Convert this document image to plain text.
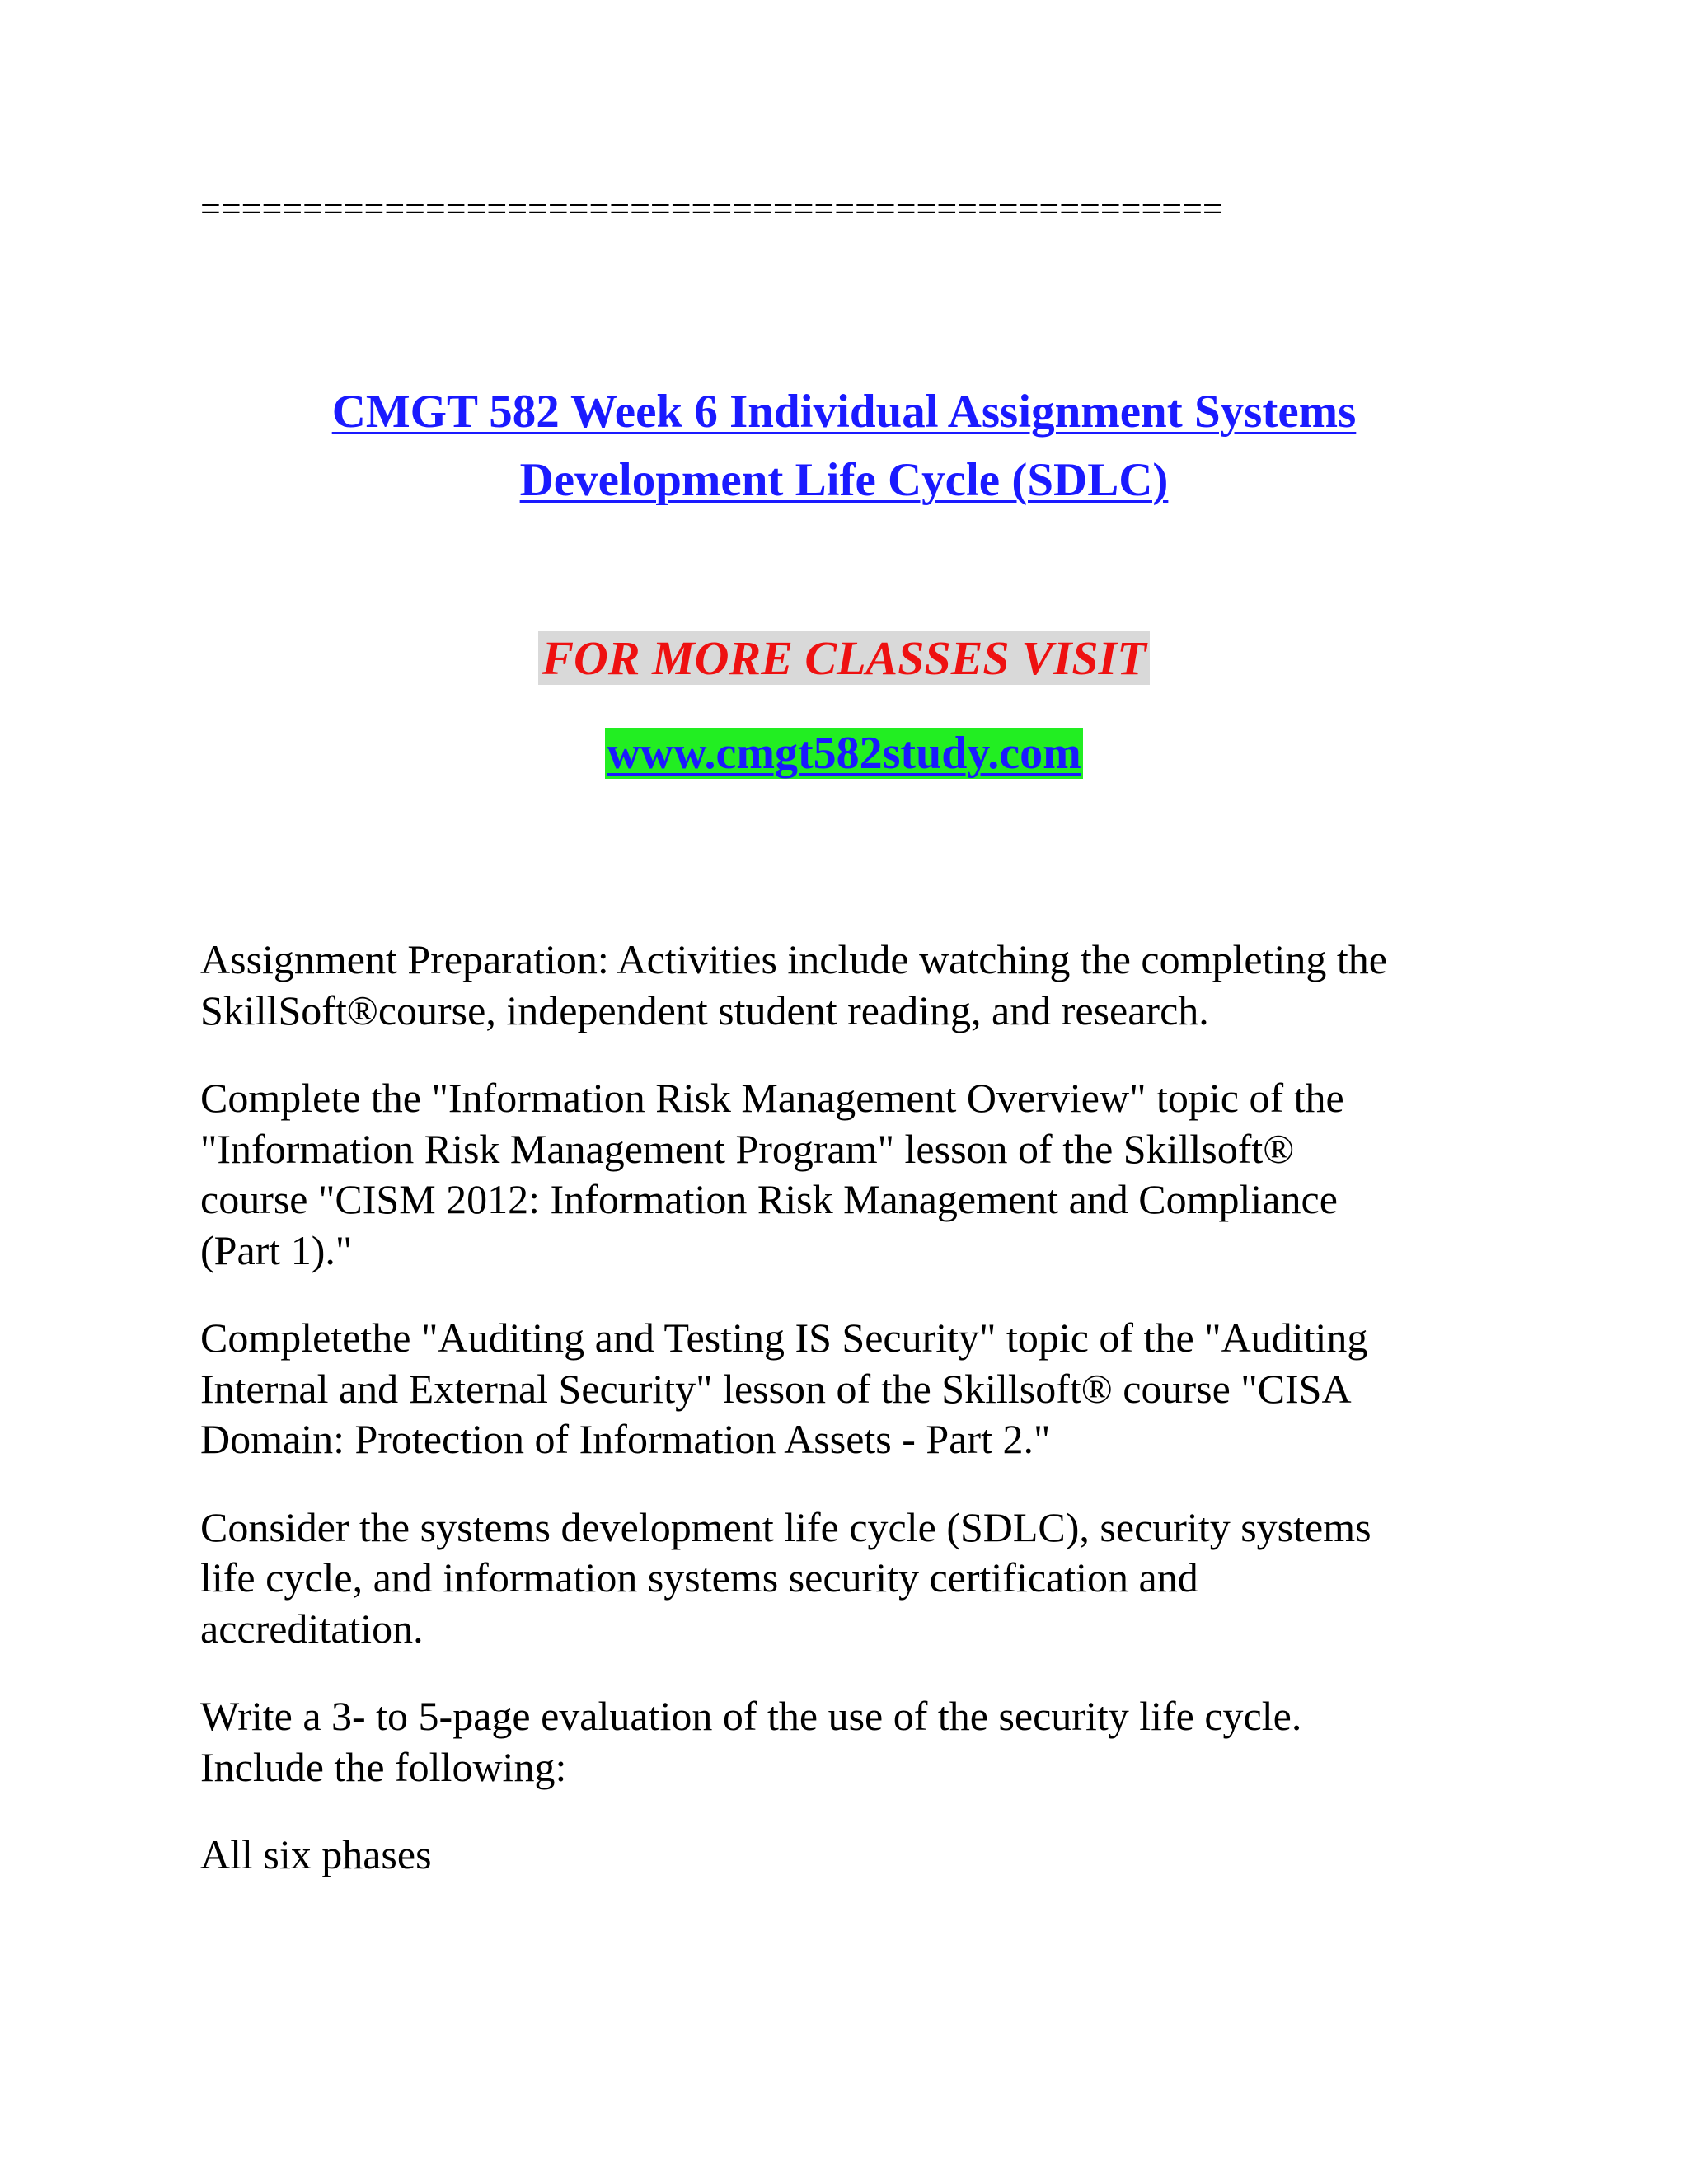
==================================================
CMGT 582 Week 6 Individual Assignment Systems
Development Life Cycle (SDLC)
FOR MORE CLASSES VISIT
www.cmgt582study.com

Assignment Preparation: Activities include watching the completing the
SkillSoft®course, independent student reading, and research.

Complete the "Information Risk Management Overview" topic of the
"Information Risk Management Program" lesson of the Skillsoft®
course "CISM 2012: Information Risk Management and Compliance
(Part 1)."

Completethe "Auditing and Testing IS Security" topic of the "Auditing
Internal and External Security" lesson of the Skillsoft® course "CISA
Domain: Protection of Information Assets - Part 2."

Consider the systems development life cycle (SDLC), security systems
life cycle, and information systems security certification and
accreditation.

Write a 3- to 5-page evaluation of the use of the security life cycle.
Include the following:

All six phases
